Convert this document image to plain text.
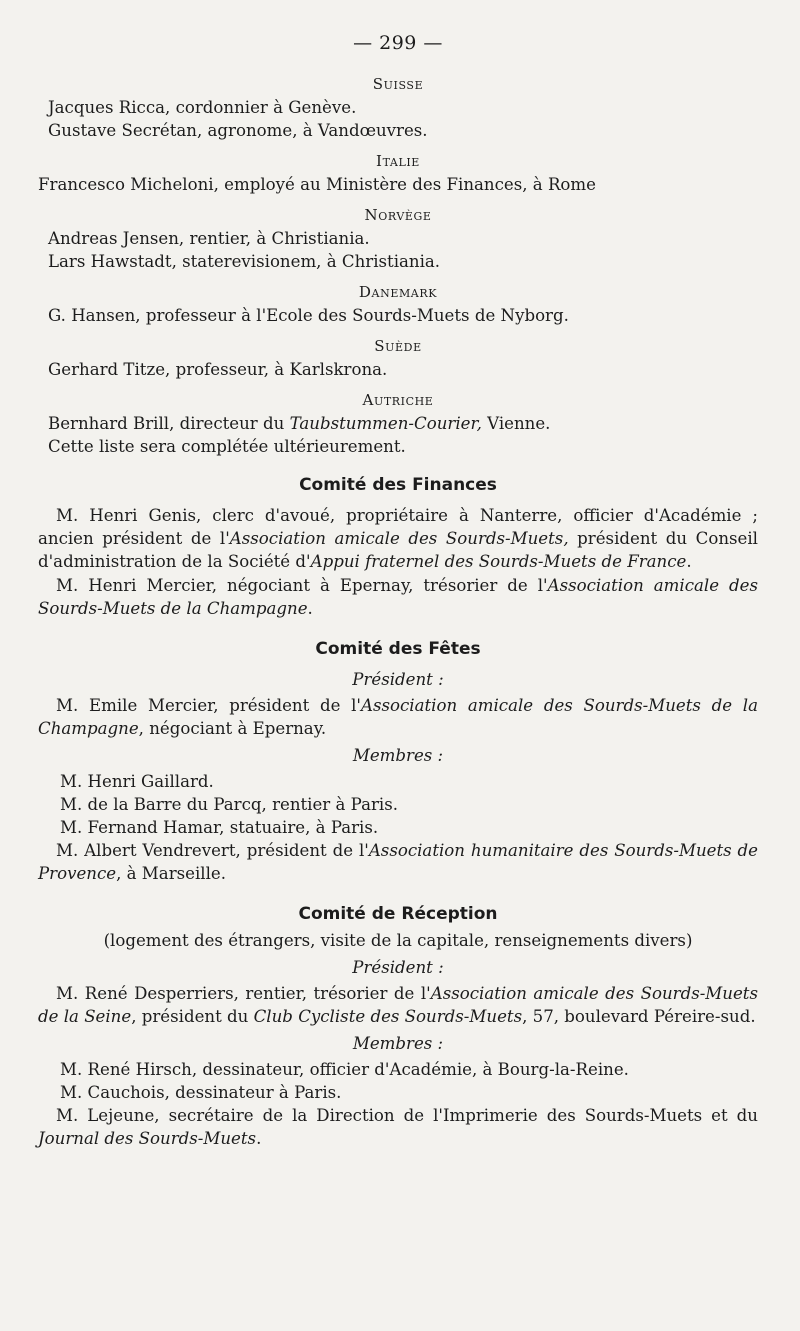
— 299 —
Suisse
Jacques Ricca, cordonnier à Genève.
Gustave Secrétan, agronome, à Vandœuvres.
Italie
Francesco Micheloni, employé au Ministère des Finances, à Rome
Norvège
Andreas Jensen, rentier, à Christiania.
Lars Hawstadt, staterevisionem, à Christiania.
Danemark
G. Hansen, professeur à l'Ecole des Sourds-Muets de Nyborg.
Suède
Gerhard Titze, professeur, à Karlskrona.
Autriche
Bernhard Brill, directeur du Taubstummen-Courier, Vienne.
Cette liste sera complétée ultérieurement.
Comité des Finances
M. Henri Genis, clerc d'avoué, propriétaire à Nanterre, officier d'Académie ; ancien président de l'Association amicale des Sourds-Muets, président du Conseil d'administration de la Société d'Appui fraternel des Sourds-Muets de France.
M. Henri Mercier, négociant à Epernay, trésorier de l'Association amicale des Sourds-Muets de la Champagne.
Comité des Fêtes
Président :
M. Emile Mercier, président de l'Association amicale des Sourds-Muets de la Champagne, négociant à Epernay.
Membres :
M. Henri Gaillard.
M. de la Barre du Parcq, rentier à Paris.
M. Fernand Hamar, statuaire, à Paris.
M. Albert Vendrevert, président de l'Association humanitaire des Sourds-Muets de Provence, à Marseille.
Comité de Réception
(logement des étrangers, visite de la capitale, renseignements divers)
Président :
M. René Desperriers, rentier, trésorier de l'Association amicale des Sourds-Muets de la Seine, président du Club Cycliste des Sourds-Muets, 57, boulevard Péreire-sud.
Membres :
M. René Hirsch, dessinateur, officier d'Académie, à Bourg-la-Reine.
M. Cauchois, dessinateur à Paris.
M. Lejeune, secrétaire de la Direction de l'Imprimerie des Sourds-Muets et du Journal des Sourds-Muets.
